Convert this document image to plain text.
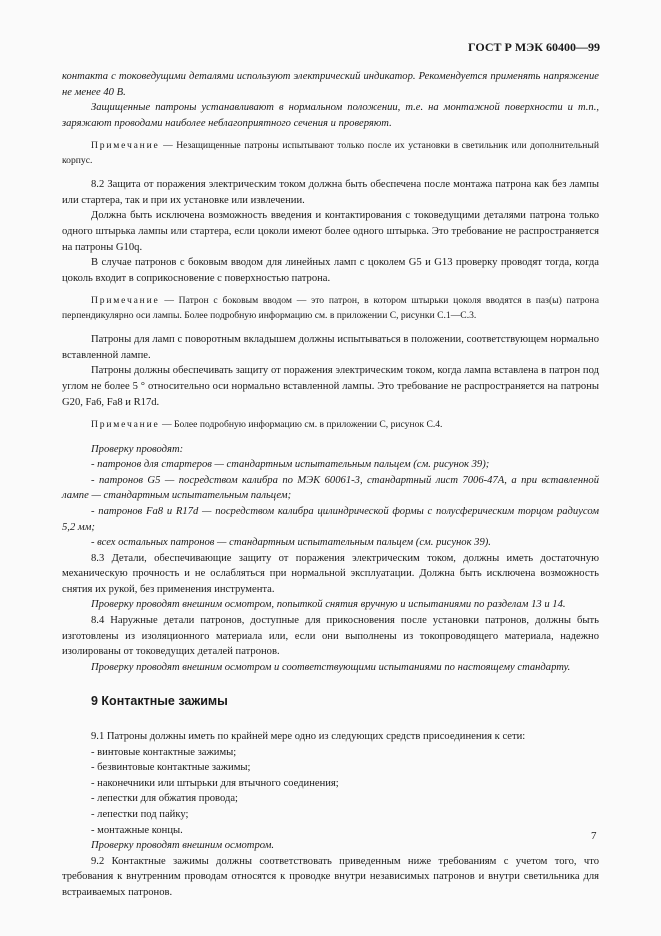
ГОСТ Р МЭК 60400—99

контакта с токоведущими деталями используют электрический индикатор. Рекомендуется применять напряжение не менее 40 В.

Защищенные патроны устанавливают в нормальном положении, т.е. на монтажной поверхности и т.п., заряжают проводами наиболее неблагоприятного сечения и проверяют.

Примечание — Незащищенные патроны испытывают только после их установки в светильник или дополнительный корпус.

8.2 Защита от поражения электрическим током должна быть обеспечена после монтажа патрона как без лампы или стартера, так и при их установке или извлечении.

Должна быть исключена возможность введения и контактирования с токоведущими деталями патрона только одного штырька лампы или стартера, если цоколи имеют более одного штырька. Это требование не распространяется на патроны G10q.

В случае патронов с боковым вводом для линейных ламп с цоколем G5 и G13 проверку проводят тогда, когда цоколь входит в соприкосновение с поверхностью патрона.

Примечание — Патрон с боковым вводом — это патрон, в котором штырьки цоколя вводятся в паз(ы) патрона перпендикулярно оси лампы. Более подробную информацию см. в приложении С, рисунки С.1—С.3.

Патроны для ламп с поворотным вкладышем должны испытываться в положении, соответствующем нормально вставленной лампе.

Патроны должны обеспечивать защиту от поражения электрическим током, когда лампа вставлена в патрон под углом не более 5 ° относительно оси нормально вставленной лампы. Это требование не распространяется на патроны G20, Fa6, Fa8 и R17d.

Примечание — Более подробную информацию см. в приложении С, рисунок С.4.

Проверку проводят:

- патронов для стартеров — стандартным испытательным пальцем (см. рисунок 39);

- патронов G5 — посредством калибра по МЭК 60061-3, стандартный лист 7006-47А, а при вставленной лампе — стандартным испытательным пальцем;

- патронов Fa8 и R17d — посредством калибра цилиндрической формы с полусферическим торцом радиусом 5,2 мм;

- всех остальных патронов — стандартным испытательным пальцем (см. рисунок 39).

8.3 Детали, обеспечивающие защиту от поражения электрическим током, должны иметь достаточную механическую прочность и не ослабляться при нормальной эксплуатации. Должна быть исключена возможность снятия их рукой, без применения инструмента.

Проверку проводят внешним осмотром, попыткой снятия вручную и испытаниями по разделам 13 и 14.

8.4 Наружные детали патронов, доступные для прикосновения после установки патронов, должны быть изготовлены из изоляционного материала или, если они выполнены из токопроводящего материала, надежно изолированы от токоведущих деталей патронов.

Проверку проводят внешним осмотром и соответствующими испытаниями по настоящему стандарту.

9 Контактные зажимы

9.1 Патроны должны иметь по крайней мере одно из следующих средств присоединения к сети:

- винтовые контактные зажимы;

- безвинтовые контактные зажимы;

- наконечники или штырьки для втычного соединения;

- лепестки для обжатия провода;

- лепестки под пайку;

- монтажные концы.

Проверку проводят внешним осмотром.

9.2 Контактные зажимы должны соответствовать приведенным ниже требованиям с учетом того, что требования к внутренним проводам относятся к проводке внутри независимых патронов и внутри светильника для встраиваемых патронов.

7
